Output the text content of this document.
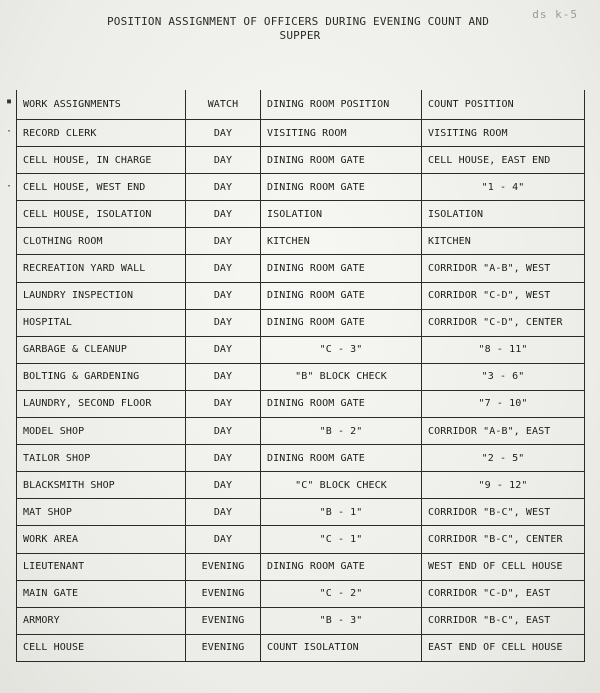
POSITION ASSIGNMENT OF OFFICERS DURING EVENING COUNT AND
SUPPER
ds k-5
▪
·
·
WORK ASSIGNMENTS	WATCH	DINING ROOM POSITION	COUNT POSITION
RECORD CLERK	DAY	VISITING ROOM	VISITING ROOM
CELL HOUSE, IN CHARGE	DAY	DINING ROOM GATE	CELL HOUSE, EAST END
CELL HOUSE, WEST END	DAY	DINING ROOM GATE	"1 - 4"
CELL HOUSE, ISOLATION	DAY	ISOLATION	ISOLATION
CLOTHING ROOM	DAY	KITCHEN	KITCHEN
RECREATION YARD WALL	DAY	DINING ROOM GATE	CORRIDOR "A-B", WEST
LAUNDRY INSPECTION	DAY	DINING ROOM GATE	CORRIDOR "C-D", WEST
HOSPITAL	DAY	DINING ROOM GATE	CORRIDOR "C-D", CENTER
GARBAGE & CLEANUP	DAY	"C - 3"	"8 - 11"
BOLTING & GARDENING	DAY	"B" BLOCK CHECK	"3 - 6"
LAUNDRY, SECOND FLOOR	DAY	DINING ROOM GATE	"7 - 10"
MODEL SHOP	DAY	"B - 2"	CORRIDOR "A-B", EAST
TAILOR SHOP	DAY	DINING ROOM GATE	"2 - 5"
BLACKSMITH SHOP	DAY	"C" BLOCK CHECK	"9 - 12"
MAT SHOP	DAY	"B - 1"	CORRIDOR "B-C", WEST
WORK AREA	DAY	"C - 1"	CORRIDOR "B-C", CENTER
LIEUTENANT	EVENING	DINING ROOM GATE	WEST END OF CELL HOUSE
MAIN GATE	EVENING	"C - 2"	CORRIDOR "C-D", EAST
ARMORY	EVENING	"B - 3"	CORRIDOR "B-C", EAST
CELL HOUSE	EVENING	COUNT ISOLATION	EAST END OF CELL HOUSE
